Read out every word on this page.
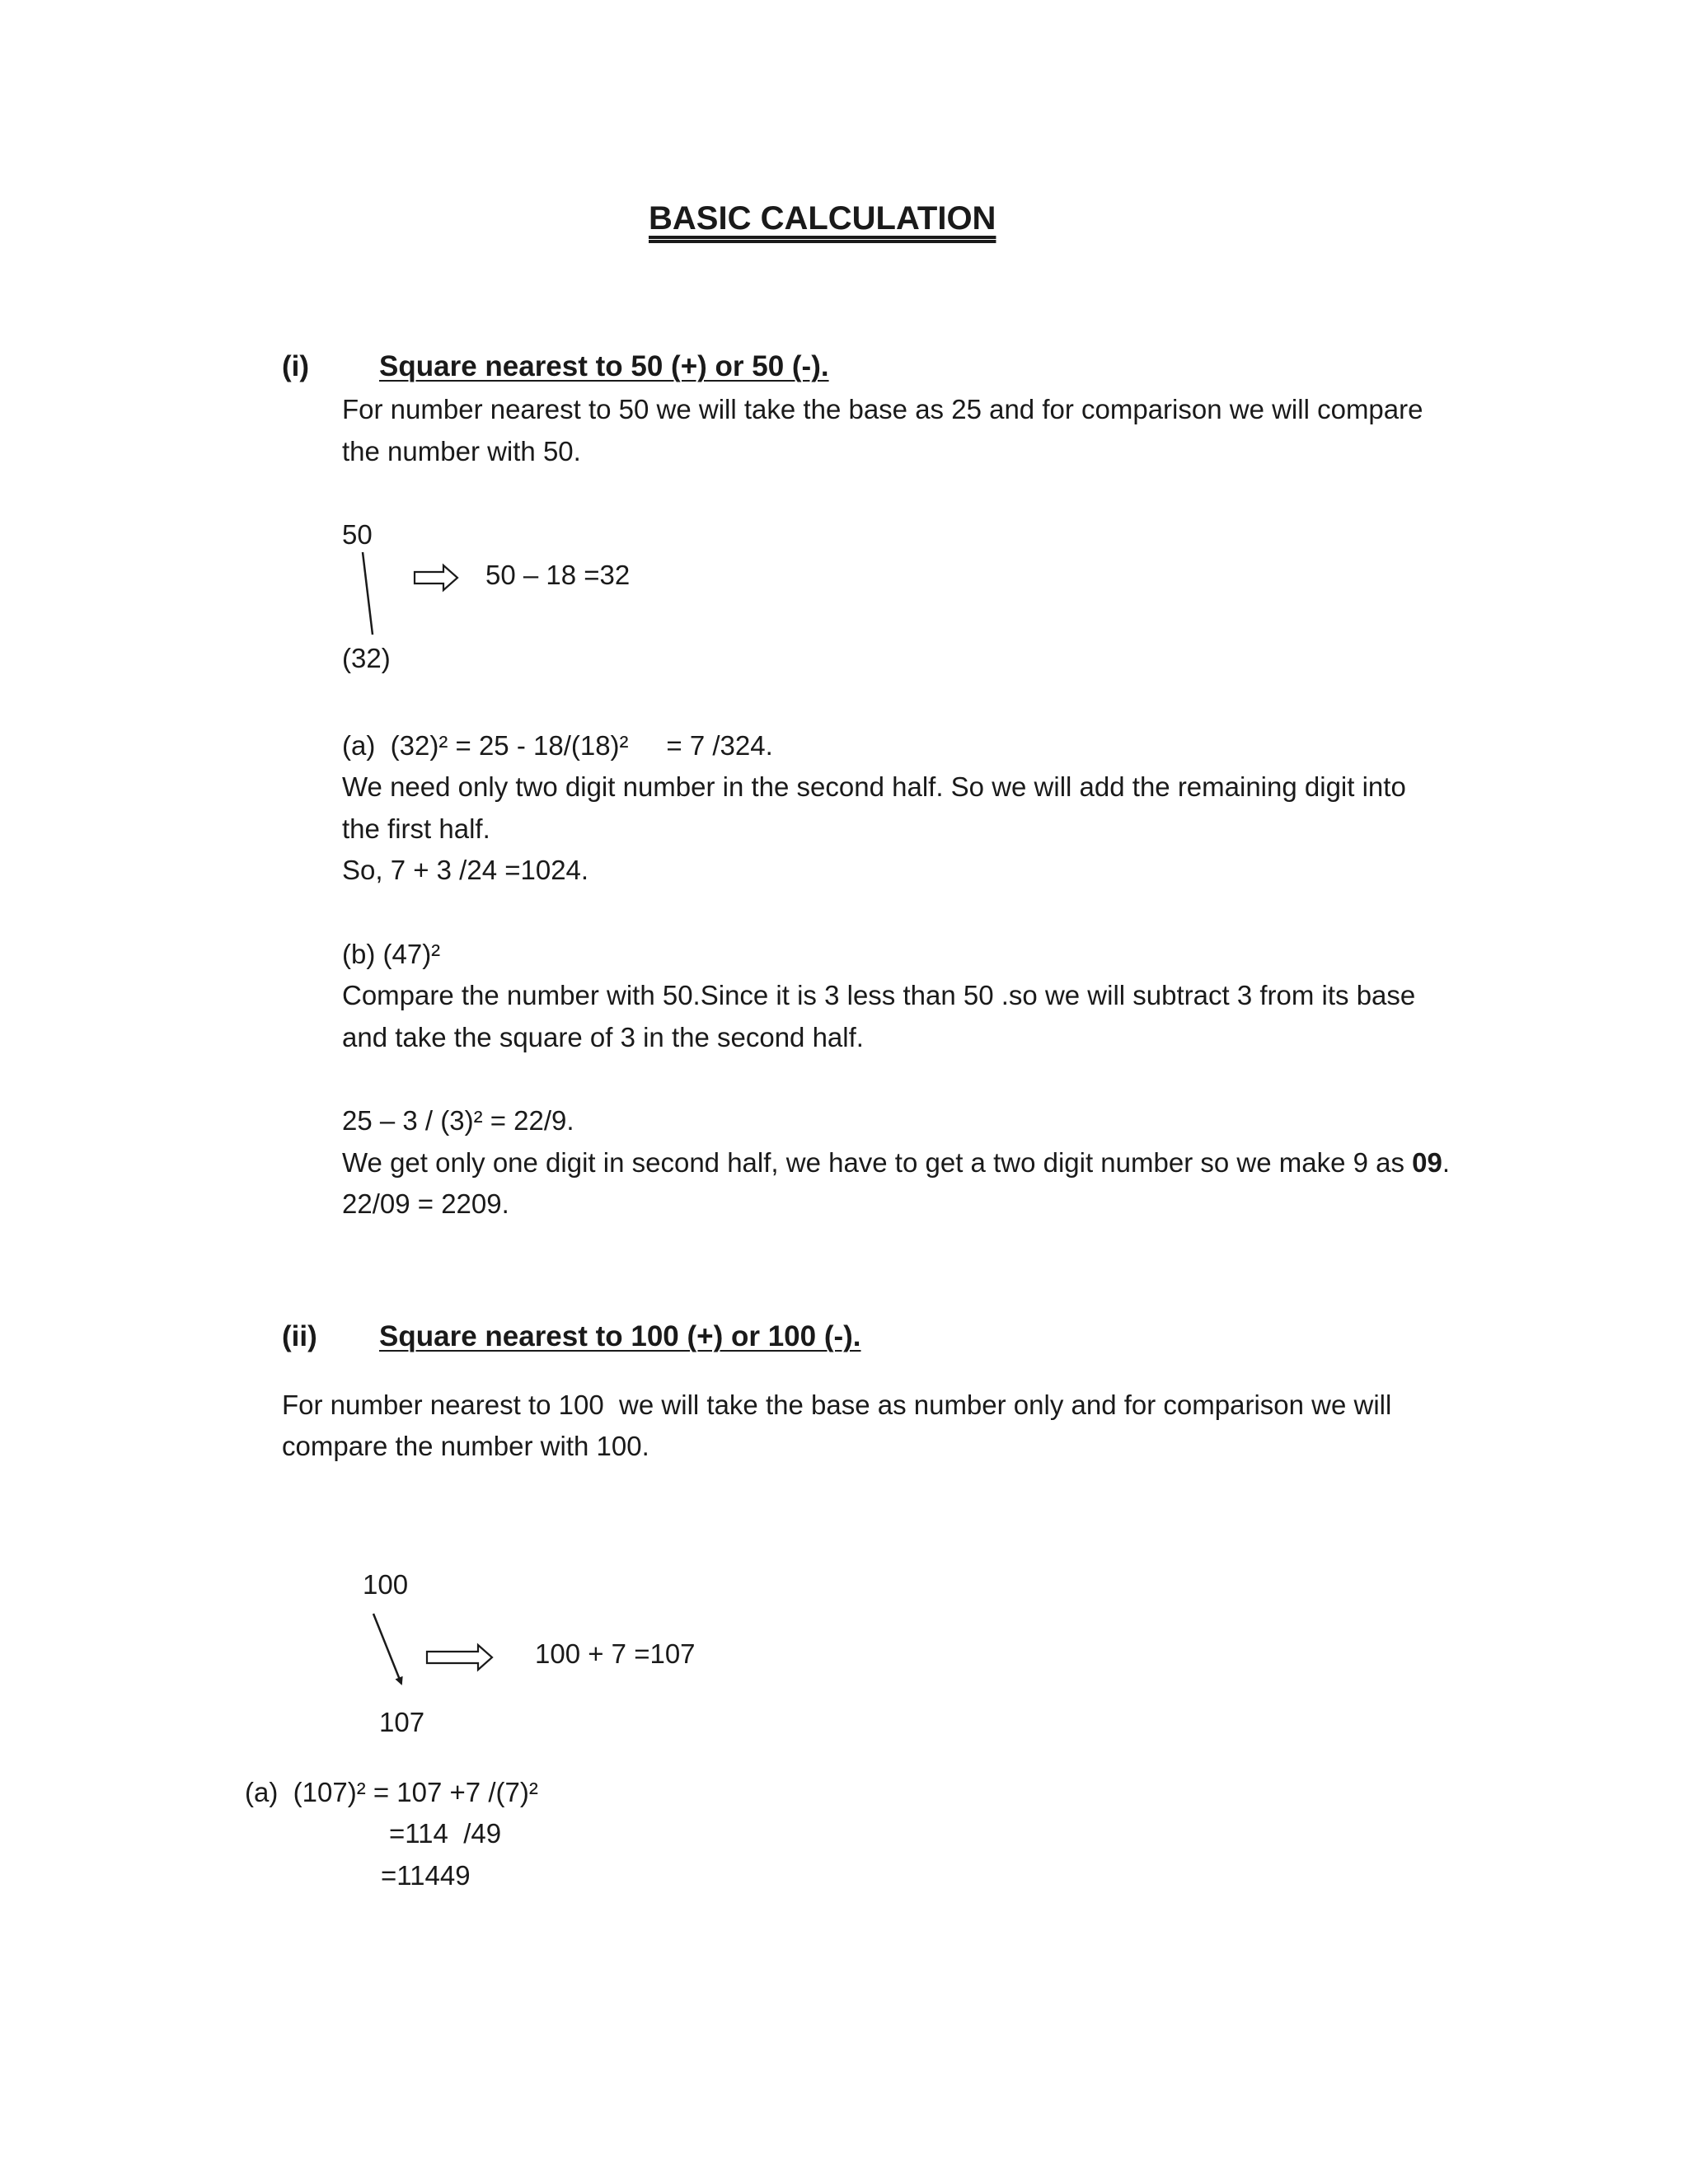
BASIC CALCULATION
(i) Square nearest to 50 (+) or 50 (-).
For number nearest to 50 we will take the base as 25 and for comparison we will compare
the number with 50.
50
(32)
50 – 18 =32
(a)  (32)² = 25 - 18/(18)²     = 7 /324.
We need only two digit number in the second half. So we will add the remaining digit into
the first half.
So, 7 + 3 /24 =1024.
(b) (47)²
Compare the number with 50.Since it is 3 less than 50 .so we will subtract 3 from its base
and take the square of 3 in the second half.
25 – 3 / (3)² = 22/9.
We get only one digit in second half, we have to get a two digit number so we make 9 as 09.
22/09 = 2209.
(ii) Square nearest to 100 (+) or 100 (-).
For number nearest to 100  we will take the base as number only and for comparison we will
compare the number with 100.
100
107
100 + 7 =107
(a)  (107)² = 107 +7 /(7)²
=114  /49
=11449
